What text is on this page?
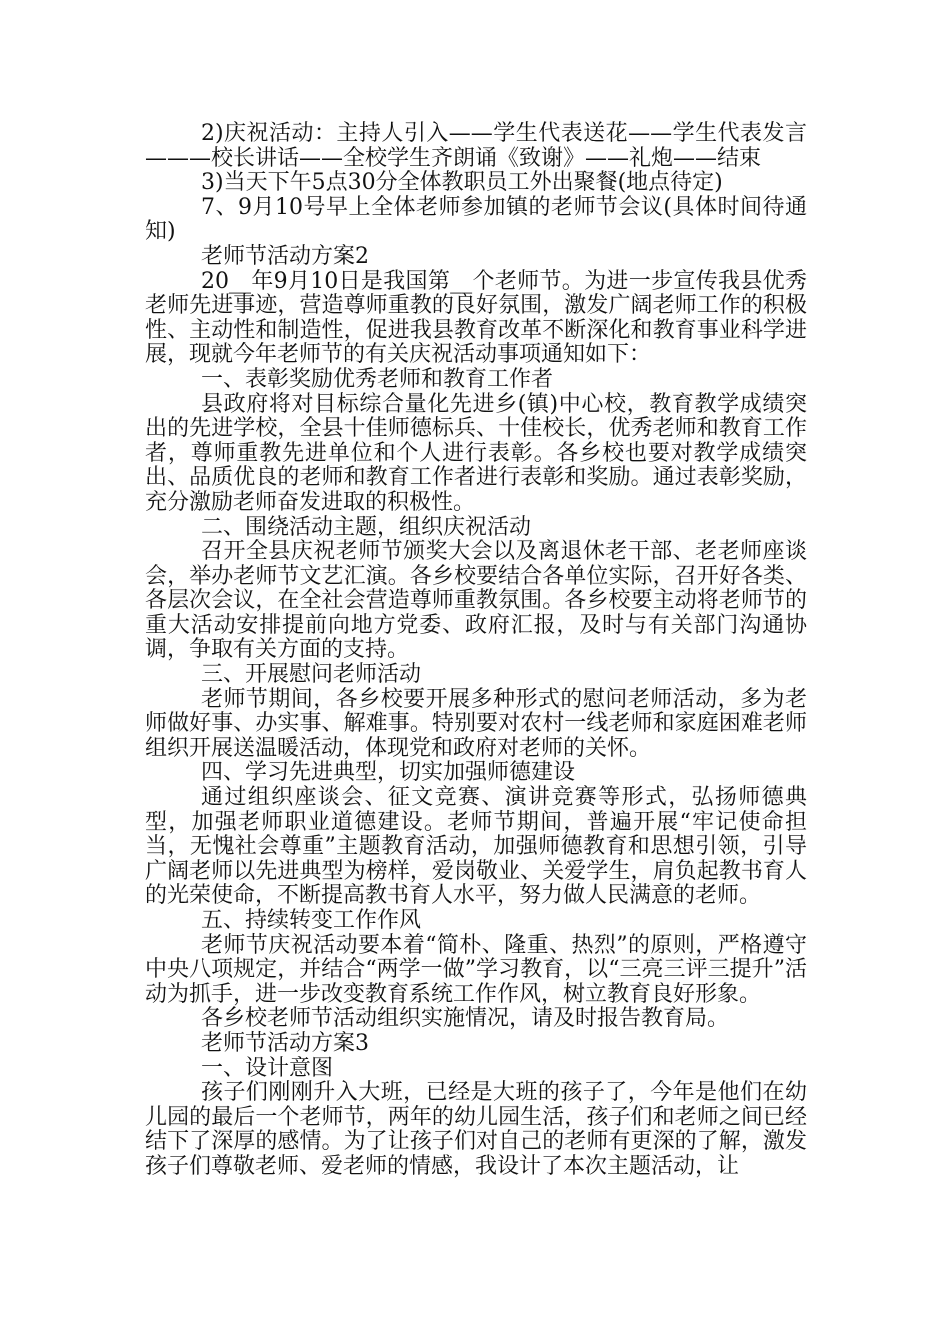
2)庆祝活动：主持人引入——学生代表送花——学生代表发言———校长讲话——全校学生齐朗诵《致谢》——礼炮——结束

3)当天下午5点30分全体教职员工外出聚餐(地点待定)

7、9月10号早上全体老师参加镇的老师节会议(具体时间待通知)

老师节活动方案2

20__年9月10日是我国第__个老师节。为进一步宣传我县优秀老师先进事迹，营造尊师重教的良好氛围，激发广阔老师工作的积极性、主动性和制造性，促进我县教育改革不断深化和教育事业科学进展，现就今年老师节的有关庆祝活动事项通知如下：

一、表彰奖励优秀老师和教育工作者

县政府将对目标综合量化先进乡(镇)中心校，教育教学成绩突出的先进学校，全县十佳师德标兵、十佳校长，优秀老师和教育工作者，尊师重教先进单位和个人进行表彰。各乡校也要对教学成绩突出、品质优良的老师和教育工作者进行表彰和奖励。通过表彰奖励，充分激励老师奋发进取的积极性。

二、围绕活动主题，组织庆祝活动

召开全县庆祝老师节颁奖大会以及离退休老干部、老老师座谈会，举办老师节文艺汇演。各乡校要结合各单位实际，召开好各类、各层次会议，在全社会营造尊师重教氛围。各乡校要主动将老师节的重大活动安排提前向地方党委、政府汇报，及时与有关部门沟通协调，争取有关方面的支持。

三、开展慰问老师活动

老师节期间，各乡校要开展多种形式的慰问老师活动，多为老师做好事、办实事、解难事。特别要对农村一线老师和家庭困难老师组织开展送温暖活动，体现党和政府对老师的关怀。

四、学习先进典型，切实加强师德建设

通过组织座谈会、征文竞赛、演讲竞赛等形式，弘扬师德典型，加强老师职业道德建设。老师节期间，普遍开展“牢记使命担当，无愧社会尊重”主题教育活动，加强师德教育和思想引领，引导广阔老师以先进典型为榜样，爱岗敬业、关爱学生，肩负起教书育人的光荣使命，不断提高教书育人水平，努力做人民满意的老师。

五、持续转变工作作风

老师节庆祝活动要本着“简朴、隆重、热烈”的原则，严格遵守中央八项规定，并结合“两学一做”学习教育，以“三亮三评三提升”活动为抓手，进一步改变教育系统工作作风，树立教育良好形象。

各乡校老师节活动组织实施情况，请及时报告教育局。

老师节活动方案3

一、设计意图

孩子们刚刚升入大班，已经是大班的孩子了，今年是他们在幼儿园的最后一个老师节，两年的幼儿园生活，孩子们和老师之间已经结下了深厚的感情。为了让孩子们对自己的老师有更深的了解，激发孩子们尊敬老师、爱老师的情感，我设计了本次主题活动，让
